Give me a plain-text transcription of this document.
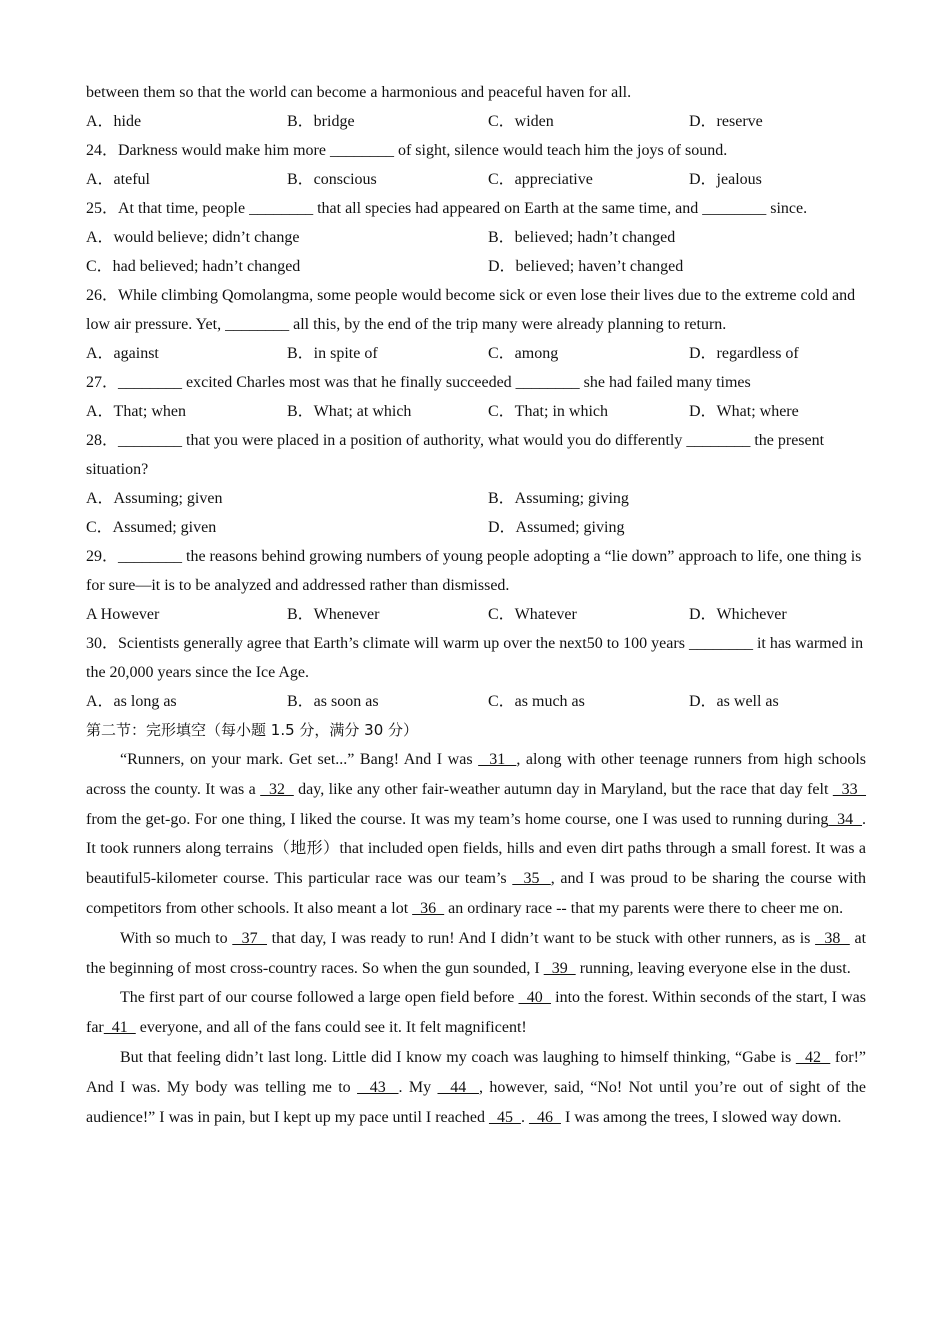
between them so that the world can become a harmonious and peaceful haven for all.
A．hide	B．bridge	C．widen	D．reserve
24．Darkness would make him more ________ of sight, silence would teach him the joys of sound.
A．ateful	B．conscious	C．appreciative	D．jealous
25．At that time, people ________ that all species had appeared on Earth at the same time, and ________ since.
A．would believe; didn’t change	B．believed; hadn’t changed
C．had believed; hadn’t changed	D．believed; haven’t changed
26．While climbing Qomolangma, some people would become sick or even lose their lives due to the extreme cold and low air pressure. Yet, ________ all this, by the end of the trip many were already planning to return.
A．against	B．in spite of	C．among	D．regardless of
27．________ excited Charles most was that he finally succeeded ________ she had failed many times
A．That; when	B．What; at which	C．That; in which	D．What; where
28．________ that you were placed in a position of authority, what would you do differently ________ the present situation?
A．Assuming; given	B．Assuming; giving
C．Assumed; given	D．Assumed; giving
29．________ the reasons behind growing numbers of young people adopting a “lie down” approach to life, one thing is for sure—it is to be analyzed and addressed rather than dismissed.
A However	B．Whenever	C．Whatever	D．Whichever
30．Scientists generally agree that Earth’s climate will warm up over the next50 to 100 years ________ it has warmed in the 20,000 years since the Ice Age.
A．as long as	B．as soon as	C．as much as	D．as well as
第二节：完形填空（每小题 1.5 分，满分 30 分）
“Runners, on your mark. Get set...” Bang! And I was   31  , along with other teenage runners from high schools across the county. It was a   32   day, like any other fair-weather autumn day in Maryland, but the race that day felt   33   from the get-go. For one thing, I liked the course. It was my team’s home course, one I was used to running during  34  . It took runners along terrains（地形）that included open fields, hills and even dirt paths through a small forest. It was a beautiful5-kilometer course. This particular race was our team’s   35  , and I was proud to be sharing the course with competitors from other schools. It also meant a lot   36   an ordinary race -- that my parents were there to cheer me on.
With so much to   37   that day, I was ready to run! And I didn’t want to be stuck with other runners, as is   38   at the beginning of most cross-country races. So when the gun sounded, I   39   running, leaving everyone else in the dust.
The first part of our course followed a large open field before   40   into the forest. Within seconds of the start, I was far  41   everyone, and all of the fans could see it. It felt magnificent!
But that feeling didn’t last long. Little did I know my coach was laughing to himself thinking, “Gabe is   42   for!” And I was. My body was telling me to   43  . My   44  , however, said, “No! Not until you’re out of sight of the audience!” I was in pain, but I kept up my pace until I reached   45  .   46   I was among the trees, I slowed way down.
